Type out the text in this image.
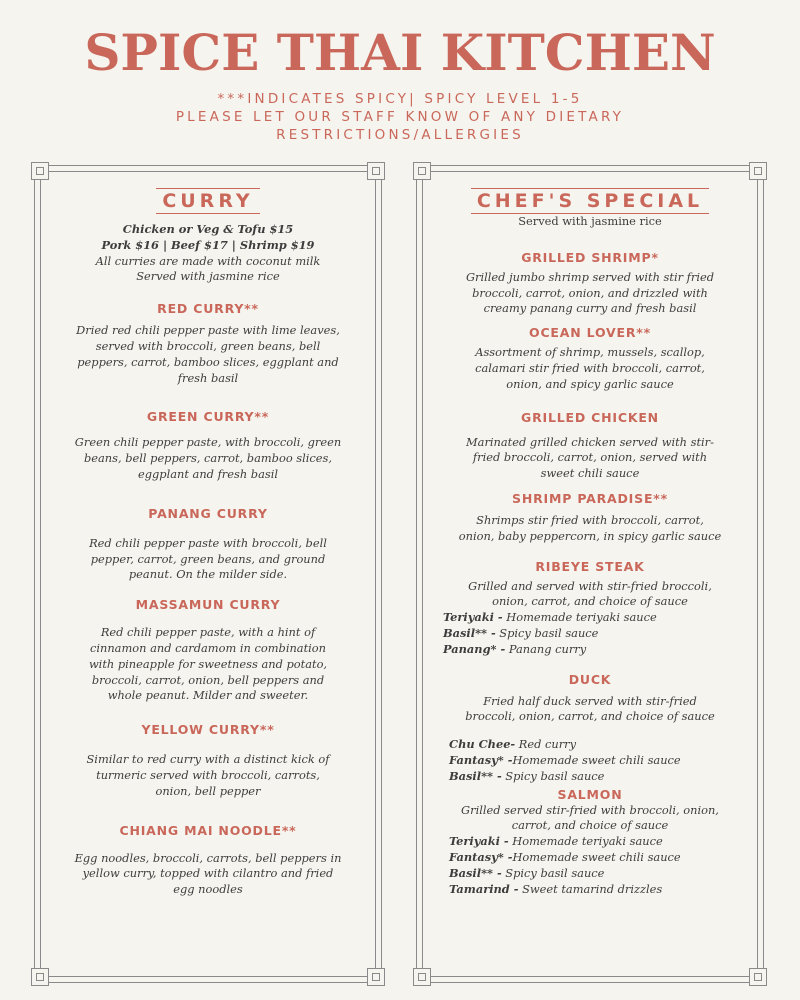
SPICE THAI KITCHEN
***INDICATES SPICY| SPICY LEVEL 1-5
PLEASE LET OUR STAFF KNOW OF ANY DIETARY
RESTRICTIONS/ALLERGIES
CURRY
Chicken or Veg & Tofu $15
Pork $16 | Beef $17 | Shrimp $19
All curries are made with coconut milk
Served with jasmine rice
RED CURRY**
Dried red chili pepper paste with lime leaves,
served with broccoli, green beans, bell
peppers, carrot, bamboo slices, eggplant and
fresh basil
GREEN CURRY**
Green chili pepper paste, with broccoli, green
beans, bell peppers, carrot, bamboo slices,
eggplant and fresh basil
PANANG CURRY
Red chili pepper paste with broccoli, bell
pepper, carrot, green beans, and ground
peanut. On the milder side.
MASSAMUN CURRY
Red chili pepper paste, with a hint of
cinnamon and cardamom in combination
with pineapple for sweetness and potato,
broccoli, carrot, onion, bell peppers and
whole peanut. Milder and sweeter.
YELLOW CURRY**
Similar to red curry with a distinct kick of
turmeric served with broccoli, carrots,
onion, bell pepper
CHIANG MAI NOODLE**
Egg noodles, broccoli, carrots, bell peppers in
yellow curry, topped with cilantro and fried
egg noodles
CHEF'S SPECIAL
Served with jasmine rice
GRILLED SHRIMP*
Grilled jumbo shrimp served with stir fried
broccoli, carrot, onion, and drizzled with
creamy panang curry and fresh basil
OCEAN LOVER**
Assortment of shrimp, mussels, scallop,
calamari stir fried with broccoli, carrot,
onion, and spicy garlic sauce
GRILLED CHICKEN
Marinated grilled chicken served with stir-
fried broccoli, carrot, onion, served with
sweet chili sauce
SHRIMP PARADISE**
Shrimps stir fried with broccoli, carrot,
onion, baby peppercorn, in spicy garlic sauce
RIBEYE STEAK
Grilled and served with stir-fried broccoli,
onion, carrot, and choice of sauce
Teriyaki - Homemade teriyaki sauce
Basil** - Spicy basil sauce
Panang* - Panang curry
DUCK
Fried half duck served with stir-fried
broccoli, onion, carrot, and choice of sauce
Chu Chee- Red curry
Fantasy* -Homemade sweet chili sauce
Basil** - Spicy basil sauce
SALMON
Grilled served stir-fried with broccoli, onion,
carrot, and choice of sauce
Teriyaki - Homemade teriyaki sauce
Fantasy* -Homemade sweet chili sauce
Basil** - Spicy basil sauce
Tamarind - Sweet tamarind drizzles
